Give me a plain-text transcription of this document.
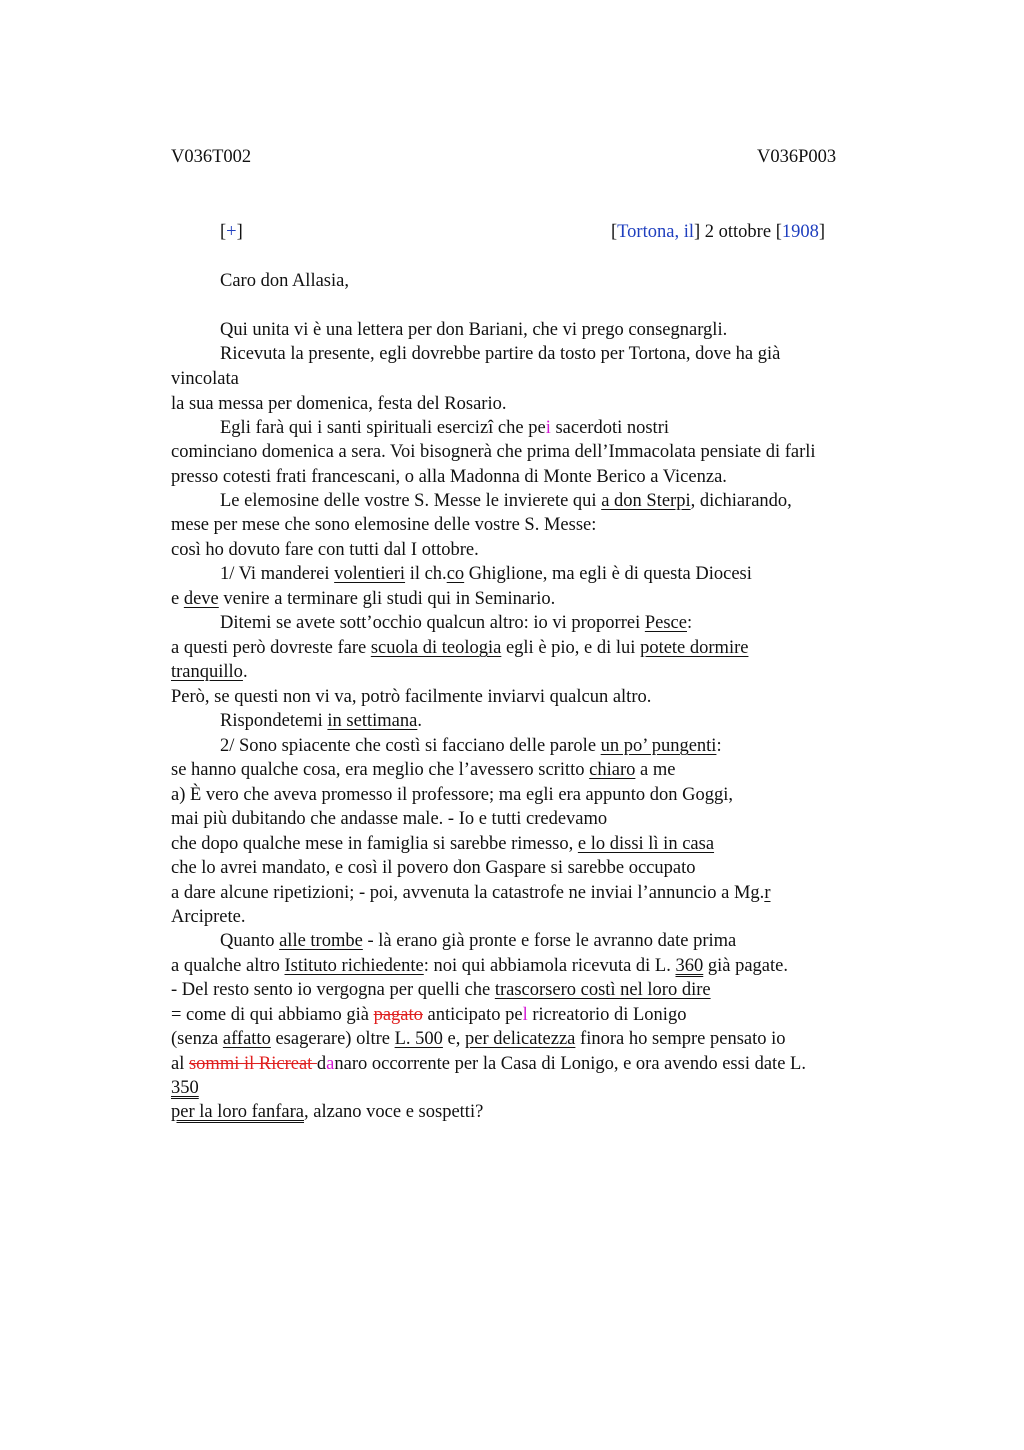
V036T002	V036P003
[+]	[Tortona, il] 2 ottobre [1908]
Caro don Allasia,
Qui unita vi è una lettera per don Bariani, che vi prego consegnargli.
Ricevuta la presente, egli dovrebbe partire da tosto per Tortona, dove ha già
vincolata
la sua messa per domenica, festa del Rosario.
Egli farà qui i santi spirituali esercizî che pei sacerdoti nostri
cominciano domenica a sera. Voi bisognerà che prima dell’Immacolata pensiate di farli
presso cotesti frati francescani, o alla Madonna di Monte Berico a Vicenza.
Le elemosine delle vostre S. Messe le invierete qui a don Sterpi, dichiarando,
mese per mese che sono elemosine delle vostre S. Messe:
così ho dovuto fare con tutti dal I ottobre.
1/ Vi manderei volentieri il ch.co Ghiglione, ma egli è di questa Diocesi
e deve venire a terminare gli studi qui in Seminario.
Ditemi se avete sott’occhio qualcun altro: io vi proporrei Pesce:
a questi però dovreste fare scuola di teologia egli è pio, e di lui potete dormire
tranquillo.
Però, se questi non vi va, potrò facilmente inviarvi qualcun altro.
Rispondetemi in settimana.
2/ Sono spiacente che costì si facciano delle parole un po’ pungenti:
se hanno qualche cosa, era meglio che l’avessero scritto chiaro a me
a) È vero che aveva promesso il professore; ma egli era appunto don Goggi,
mai più dubitando che andasse male. - Io e tutti credevamo
che dopo qualche mese in famiglia si sarebbe rimesso, e lo dissi lì in casa
che lo avrei mandato, e così il povero don Gaspare si sarebbe occupato
a dare alcune ripetizioni; - poi, avvenuta la catastrofe ne inviai l’annuncio a Mg.r
Arciprete.
Quanto alle trombe - là erano già pronte e forse le avranno date prima
a qualche altro Istituto richiedente: noi qui abbiamola ricevuta di L. 360 già pagate.
- Del resto sento io vergogna per quelli che trascorsero costì nel loro dire
= come di qui abbiamo già pagato anticipato pel ricreatorio di Lonigo
(senza affatto esagerare) oltre L. 500 e, per delicatezza finora ho sempre pensato io
al sommi il Ricreat danaro occorrente per la Casa di Lonigo, e ora avendo essi date L.
350
per la loro fanfara, alzano voce e sospetti?
